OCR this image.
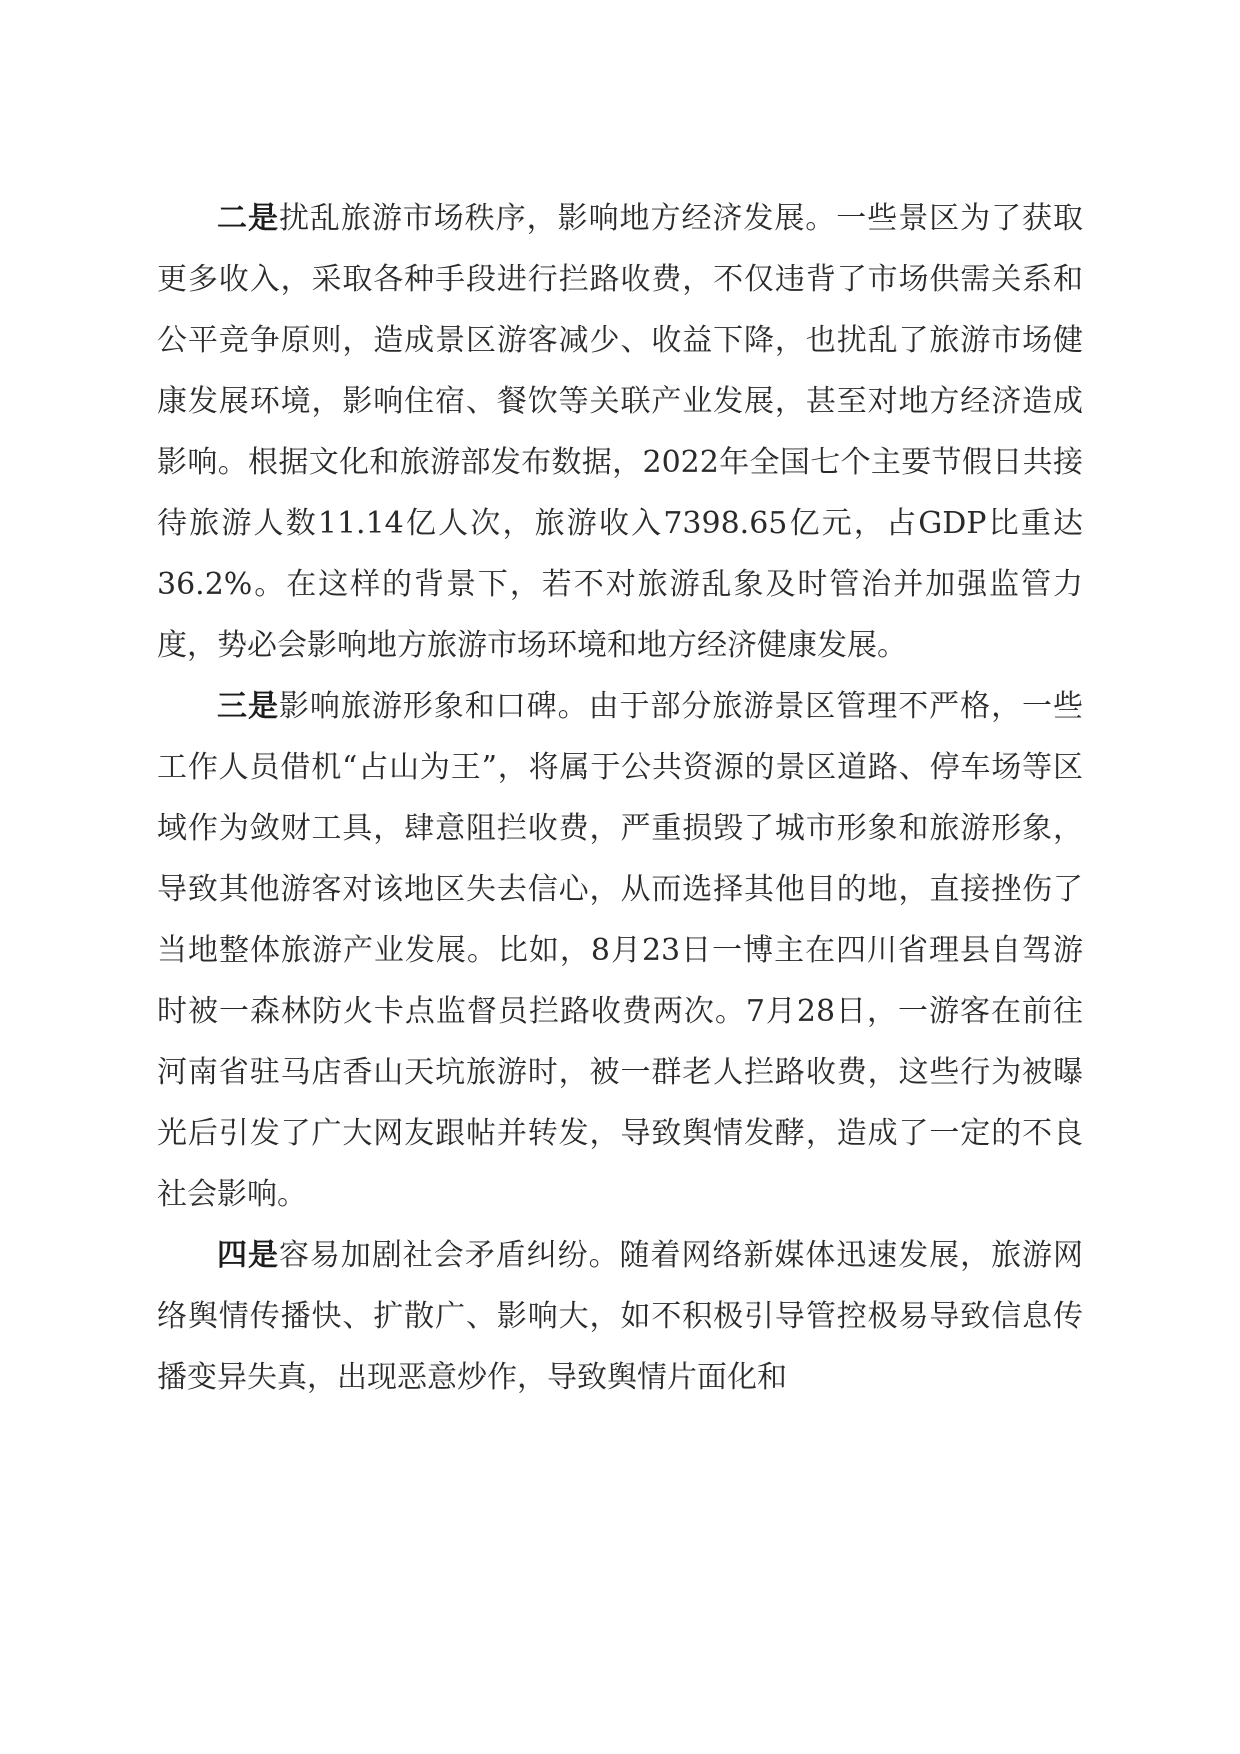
二是扰乱旅游市场秩序，影响地方经济发展。一些景区为了获取更多收入，采取各种手段进行拦路收费，不仅违背了市场供需关系和公平竞争原则，造成景区游客减少、收益下降，也扰乱了旅游市场健康发展环境，影响住宿、餐饮等关联产业发展，甚至对地方经济造成影响。根据文化和旅游部发布数据，2022年全国七个主要节假日共接待旅游人数11.14亿人次，旅游收入7398.65亿元，占GDP比重达36.2%。在这样的背景下，若不对旅游乱象及时管治并加强监管力度，势必会影响地方旅游市场环境和地方经济健康发展。

三是影响旅游形象和口碑。由于部分旅游景区管理不严格，一些工作人员借机“占山为王”，将属于公共资源的景区道路、停车场等区域作为敛财工具，肆意阻拦收费，严重损毁了城市形象和旅游形象，导致其他游客对该地区失去信心，从而选择其他目的地，直接挫伤了当地整体旅游产业发展。比如，8月23日一博主在四川省理县自驾游时被一森林防火卡点监督员拦路收费两次。7月28日，一游客在前往河南省驻马店香山天坑旅游时，被一群老人拦路收费，这些行为被曝光后引发了广大网友跟帖并转发，导致舆情发酵，造成了一定的不良社会影响。

四是容易加剧社会矛盾纠纷。随着网络新媒体迅速发展，旅游网络舆情传播快、扩散广、影响大，如不积极引导管控极易导致信息传播变异失真，出现恶意炒作，导致舆情片面化和
